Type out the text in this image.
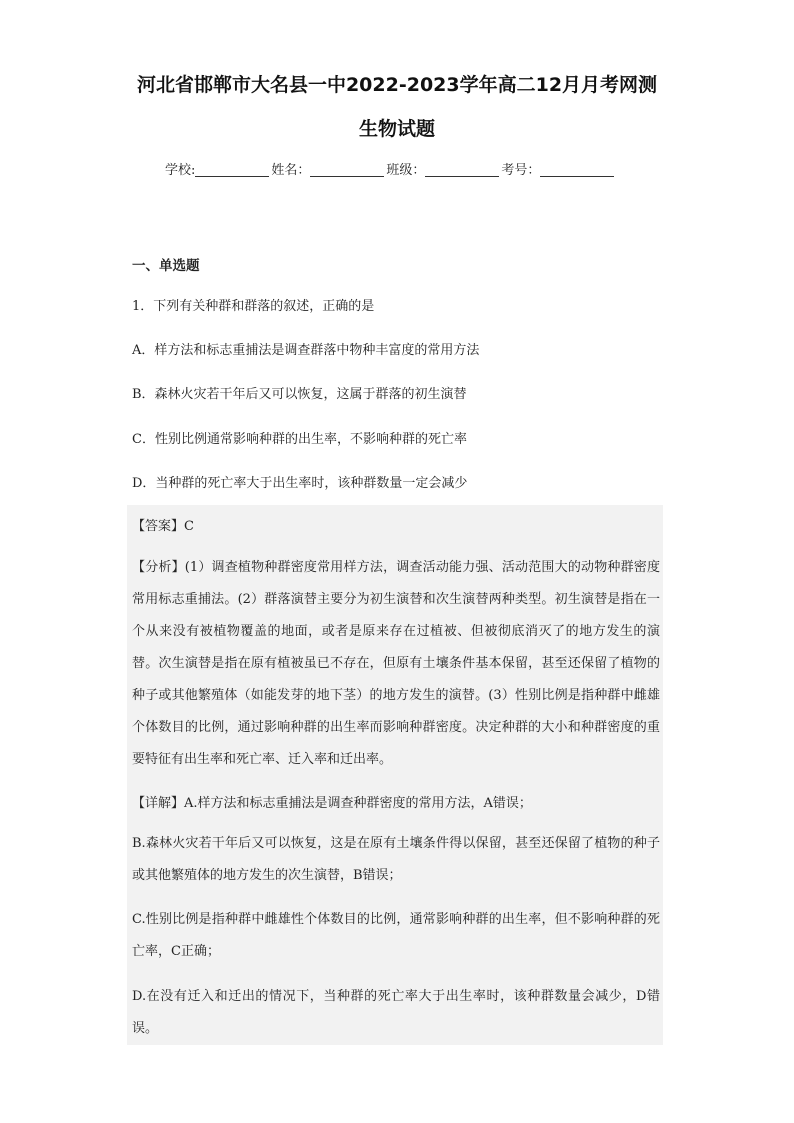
河北省邯郸市大名县一中2022-2023学年高二12月月考网测
生物试题
学校:	姓名：	班级：	考号：
一、单选题
1．下列有关种群和群落的叙述，正确的是
A．样方法和标志重捕法是调查群落中物种丰富度的常用方法
B．森林火灾若干年后又可以恢复，这属于群落的初生演替
C．性别比例通常影响种群的出生率，不影响种群的死亡率
D．当种群的死亡率大于出生率时，该种群数量一定会减少
【答案】C
【分析】(1）调查植物种群密度常用样方法，调查活动能力强、活动范围大的动物种群密度常用标志重捕法。(2）群落演替主要分为初生演替和次生演替两种类型。初生演替是指在一个从来没有被植物覆盖的地面，或者是原来存在过植被、但被彻底消灭了的地方发生的演替。次生演替是指在原有植被虽已不存在，但原有土壤条件基本保留，甚至还保留了植物的种子或其他繁殖体（如能发芽的地下茎）的地方发生的演替。(3）性别比例是指种群中雌雄个体数目的比例，通过影响种群的出生率而影响种群密度。决定种群的大小和种群密度的重要特征有出生率和死亡率、迁入率和迁出率。
【详解】A.样方法和标志重捕法是调查种群密度的常用方法，A错误；
B.森林火灾若干年后又可以恢复，这是在原有土壤条件得以保留，甚至还保留了植物的种子或其他繁殖体的地方发生的次生演替，B错误；
C.性别比例是指种群中雌雄性个体数目的比例，通常影响种群的出生率，但不影响种群的死亡率，C正确；
D.在没有迁入和迁出的情况下，当种群的死亡率大于出生率时，该种群数量会减少，D错误。
